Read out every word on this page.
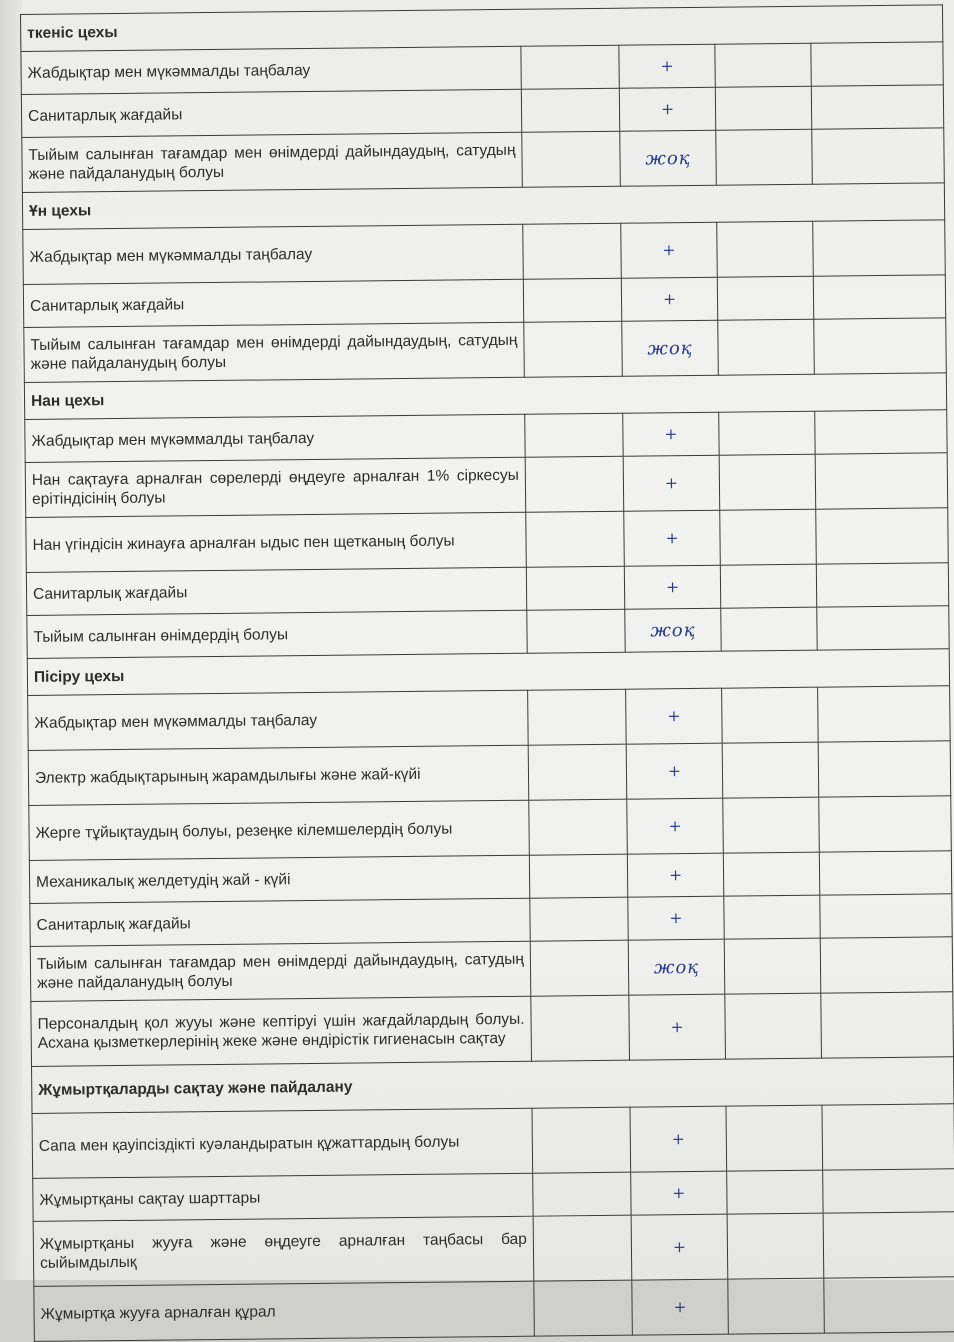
ткеніс цехы				
Жабдықтар мен мүкәммалды таңбалау		+		
Санитарлық жағдайы		+		
Тыйым салынған тағамдар мен өнімдерді дайындаудың, сатудың және пайдаланудың болуы		жоқ		
Ұн цехы				
Жабдықтар мен мүкәммалды таңбалау		+		
Санитарлық жағдайы		+		
Тыйым салынған тағамдар мен өнімдерді дайындаудың, сатудың және пайдаланудың болуы		жоқ		
Нан цехы				
Жабдықтар мен мүкәммалды таңбалау		+		
Нан сақтауға арналған сөрелерді өңдеуге арналған 1% сіркесуы ерітіндісінің болуы		+		
Нан үгіндісін жинауға арналған ыдыс пен щетканың болуы		+		
Санитарлық жағдайы		+		
Тыйым салынған өнімдердің болуы		жоқ		
Пісіру цехы				
Жабдықтар мен мүкәммалды таңбалау		+		
Электр жабдықтарының жарамдылығы және жай-күйі		+		
Жерге тұйықтаудың болуы, резеңке кілемшелердің болуы		+		
Механикалық желдетудің жай - күйі		+		
Санитарлық жағдайы		+		
Тыйым салынған тағамдар мен өнімдерді дайындаудың, сатудың және пайдаланудың болуы		жоқ		
Персоналдың қол жууы және кептіруі үшін жағдайлардың болуы. Асхана қызметкерлерінің жеке және өндірістік гигиенасын сақтау		+		
Жұмыртқаларды сақтау және пайдалану				
Сапа мен қауіпсіздікті куәландыратын құжаттардың болуы		+		
Жұмыртқаны сақтау шарттары		+		
Жұмыртқаны жууға және өңдеуге арналған таңбасы бар сыйымдылық		+		
Жұмыртқа жууға арналған құрал		+		
